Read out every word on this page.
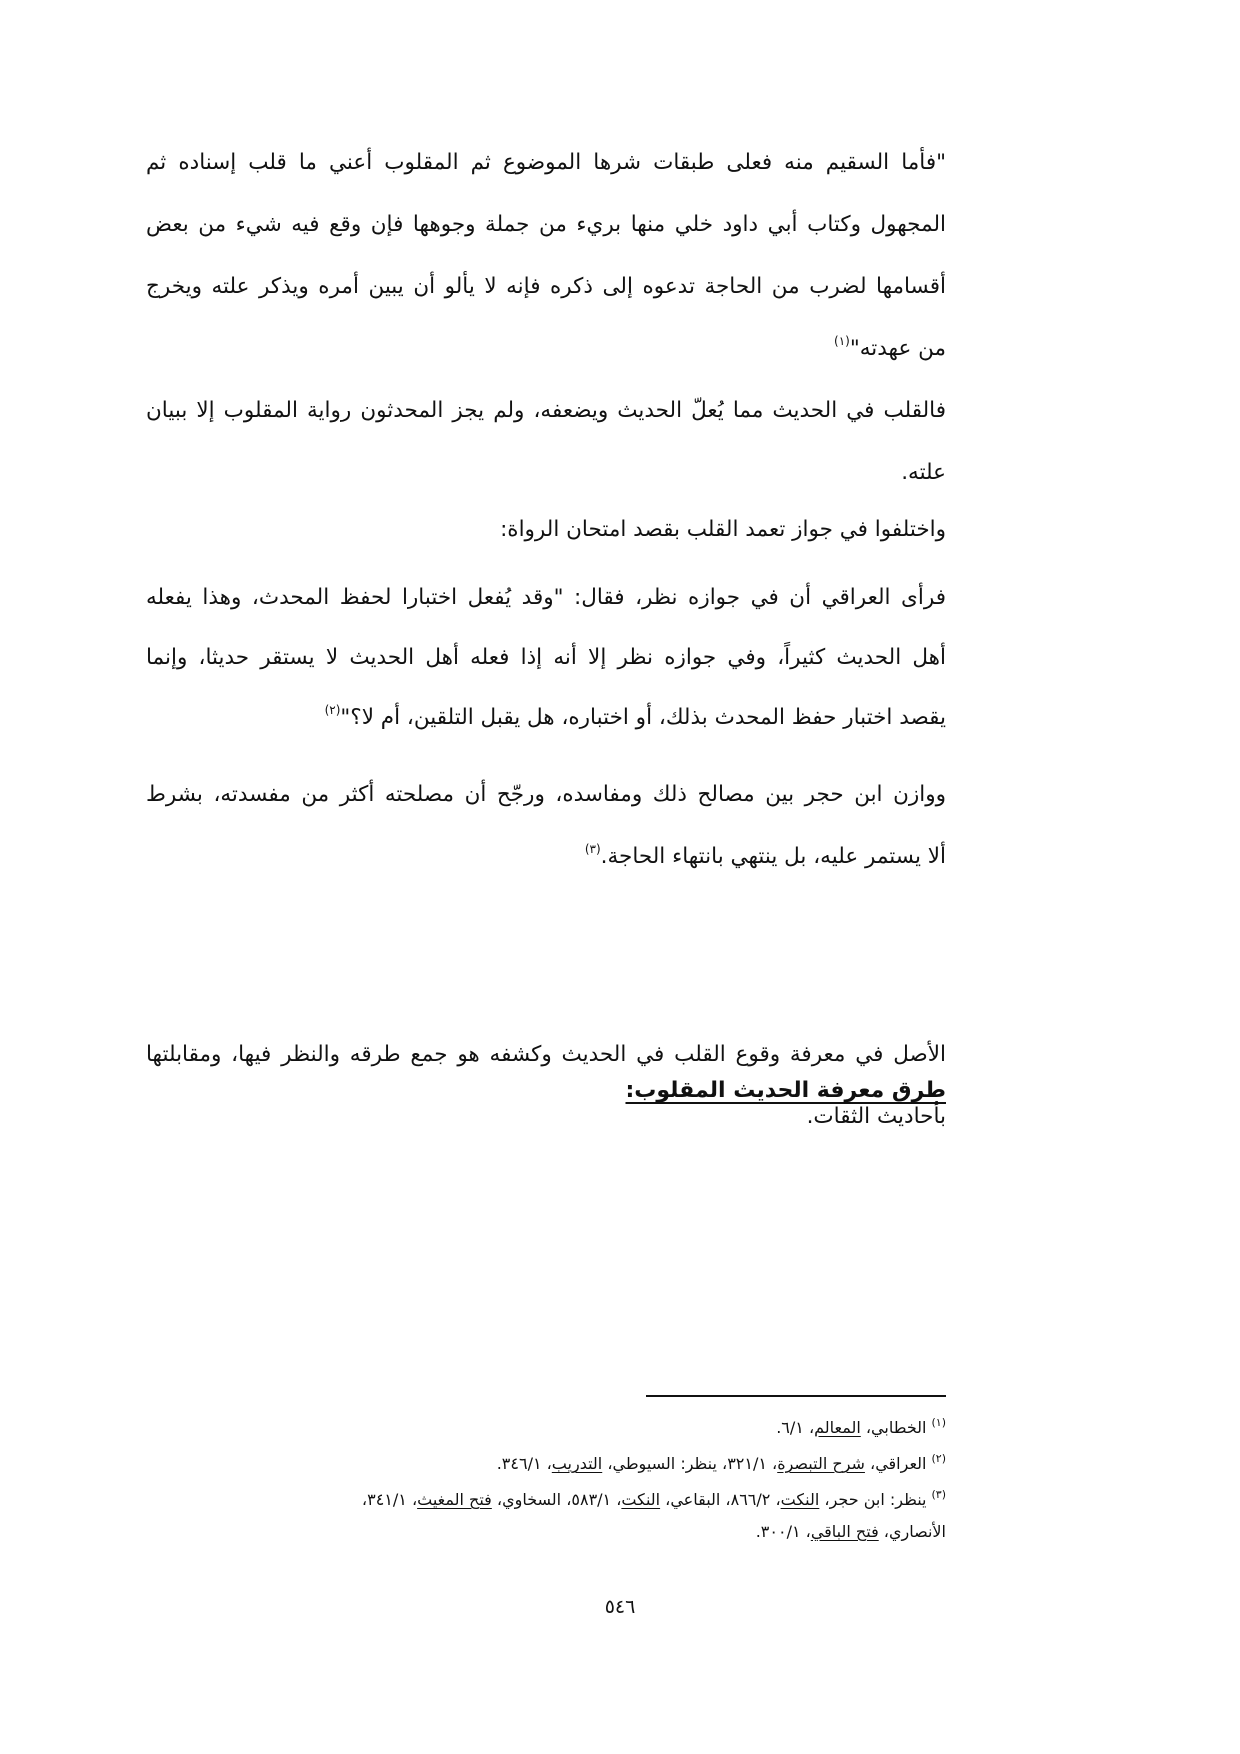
"فأما السقيم منه فعلى طبقات شرها الموضوع ثم المقلوب أعني ما قلب إسناده ثم
المجهول وكتاب أبي داود خلي منها بريء من جملة وجوهها فإن وقع فيه شيء من بعض
أقسامها لضرب من الحاجة تدعوه إلى ذكره فإنه لا يألو أن يبين أمره ويذكر علته ويخرج
من عهدته"$^{(١)}$
فالقلب في الحديث مما يُعلّ الحديث ويضعفه، ولم يجز المحدثون رواية المقلوب إلا ببيان
علته.
واختلفوا في جواز تعمد القلب بقصد امتحان الرواة:
فرأى العراقي أن في جوازه نظر، فقال: "وقد يُفعل اختبارا لحفظ المحدث، وهذا يفعله
أهل الحديث كثيراً، وفي جوازه نظر إلا أنه إذا فعله أهل الحديث لا يستقر حديثا، وإنما
يقصد اختبار حفظ المحدث بذلك، أو اختباره، هل يقبل التلقين، أم لا؟"$^{(٢)}$
ووازن ابن حجر بين مصالح ذلك ومفاسده، ورجّح أن مصلحته أكثر من مفسدته، بشرط
ألا يستمر عليه، بل ينتهي بانتهاء الحاجة.$^{(٣)}$
طرق معرفة الحديث المقلوب:
الأصل في معرفة وقوع القلب في الحديث وكشفه هو جمع طرقه والنظر فيها، ومقابلتها
بأحاديث الثقات.
$^{(١)}$الخطابي، المعالم، ٦/١.
$^{(٢)}$العراقي، شرح التبصرة، ٣٢١/١، ينظر: السيوطي، التدريب، ٣٤٦/١.
$^{(٣)}$ينظر: ابن حجر، النكت، ٨٦٦/٢، البقاعي، النكت، ٥٨٣/١، السخاوي، فتح المغيث، ٣٤١/١،
الأنصاري، فتح الباقي، ٣٠٠/١.
٥٤٦
